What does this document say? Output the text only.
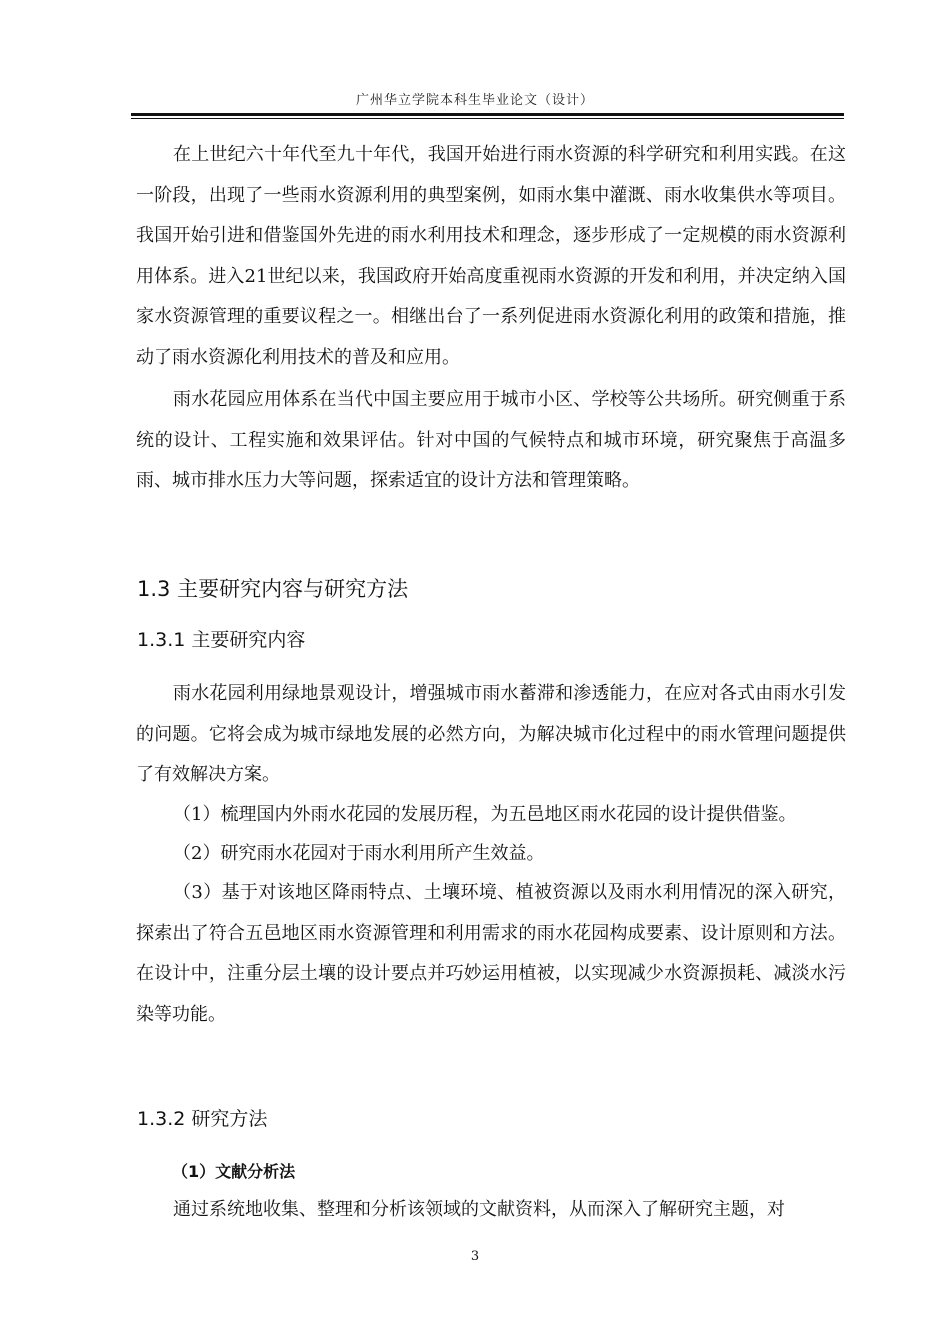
广州华立学院本科生毕业论文（设计）

在上世纪六十年代至九十年代，我国开始进行雨水资源的科学研究和利用实践。在这一阶段，出现了一些雨水资源利用的典型案例，如雨水集中灌溉、雨水收集供水等项目。我国开始引进和借鉴国外先进的雨水利用技术和理念，逐步形成了一定规模的雨水资源利用体系。进入21世纪以来，我国政府开始高度重视雨水资源的开发和利用，并决定纳入国家水资源管理的重要议程之一。相继出台了一系列促进雨水资源化利用的政策和措施，推动了雨水资源化利用技术的普及和应用。

雨水花园应用体系在当代中国主要应用于城市小区、学校等公共场所。研究侧重于系统的设计、工程实施和效果评估。针对中国的气候特点和城市环境，研究聚焦于高温多雨、城市排水压力大等问题，探索适宜的设计方法和管理策略。

1.3 主要研究内容与研究方法
1.3.1 主要研究内容

雨水花园利用绿地景观设计，增强城市雨水蓄滞和渗透能力，在应对各式由雨水引发的问题。它将会成为城市绿地发展的必然方向，为解决城市化过程中的雨水管理问题提供了有效解决方案。

（1）梳理国内外雨水花园的发展历程，为五邑地区雨水花园的设计提供借鉴。

（2）研究雨水花园对于雨水利用所产生效益。

（3）基于对该地区降雨特点、土壤环境、植被资源以及雨水利用情况的深入研究，探索出了符合五邑地区雨水资源管理和利用需求的雨水花园构成要素、设计原则和方法。在设计中，注重分层土壤的设计要点并巧妙运用植被，以实现减少水资源损耗、减淡水污染等功能。

1.3.2 研究方法
（1）文献分析法

通过系统地收集、整理和分析该领域的文献资料，从而深入了解研究主题，对

3
